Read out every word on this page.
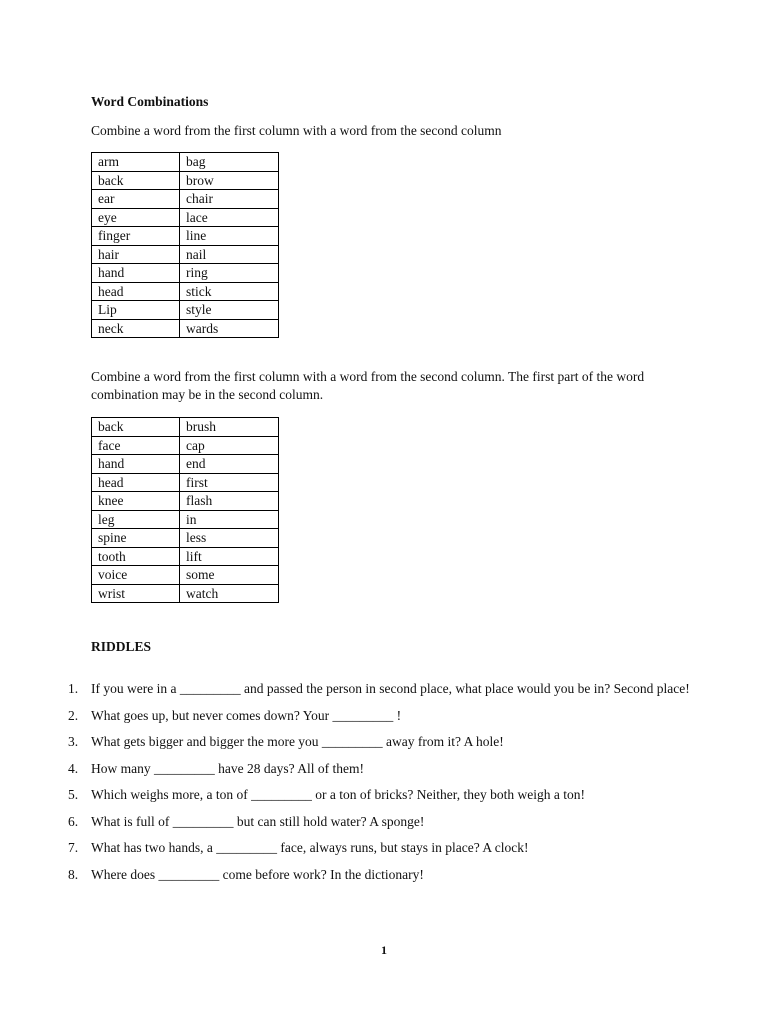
Word Combinations

Combine a word from the first column with a word from the second column

arm	bag
back	brow
ear	chair
eye	lace
finger	line
hair	nail
hand	ring
head	stick
Lip	style
neck	wards

Combine a word from the first column with a word from the second column. The first part of the word combination may be in the second column.

back	brush
face	cap
hand	end
head	first
knee	flash
leg	in
spine	less
tooth	lift
voice	some
wrist	watch
RIDDLES
1. If you were in a _________ and passed the person in second place, what place would you be in? Second place!
2. What goes up, but never comes down? Your _________ !
3. What gets bigger and bigger the more you _________ away from it? A hole!
4. How many _________ have 28 days? All of them!
5. Which weighs more, a ton of _________ or a ton of bricks? Neither, they both weigh a ton!
6. What is full of _________ but can still hold water? A sponge!
7. What has two hands, a _________ face, always runs, but stays in place? A clock!
8. Where does _________ come before work? In the dictionary!
1
